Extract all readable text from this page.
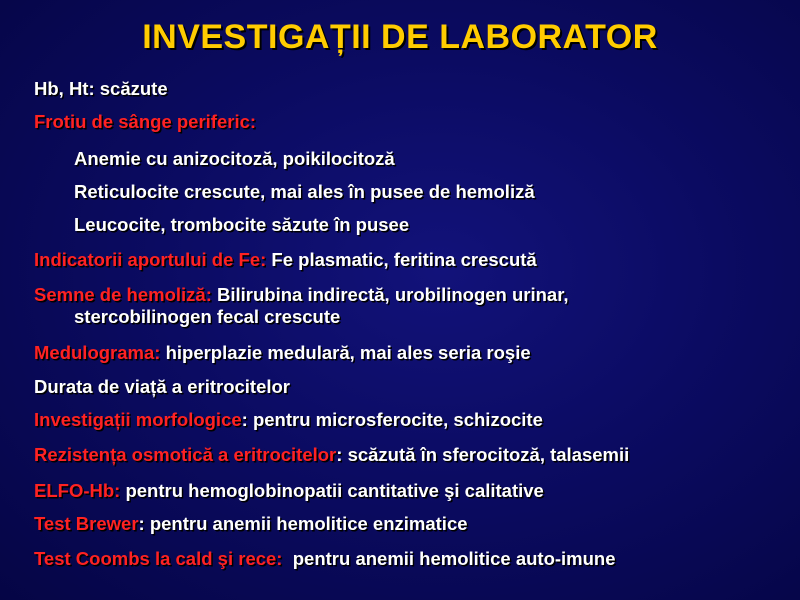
INVESTIGAȚII DE LABORATOR
Hb, Ht: scăzute
Frotiu de sânge periferic:
Anemie cu anizocitoză, poikilocitoză
Reticulocite crescute, mai ales în pusee de hemoliză
Leucocite, trombocite săzute în pusee
Indicatorii aportului de Fe: Fe plasmatic, feritina crescută
Semne de hemoliză: Bilirubina indirectă, urobilinogen urinar,
stercobilinogen fecal crescute
Medulograma: hiperplazie medulară, mai ales seria roşie
Durata de viață a eritrocitelor
Investigații morfologice: pentru microsferocite, schizocite
Rezistența osmotică a eritrocitelor: scăzută în sferocitoză, talasemii
ELFO-Hb: pentru hemoglobinopatii cantitative şi calitative
Test Brewer: pentru anemii hemolitice enzimatice
Test Coombs la cald şi rece:  pentru anemii hemolitice auto-imune
